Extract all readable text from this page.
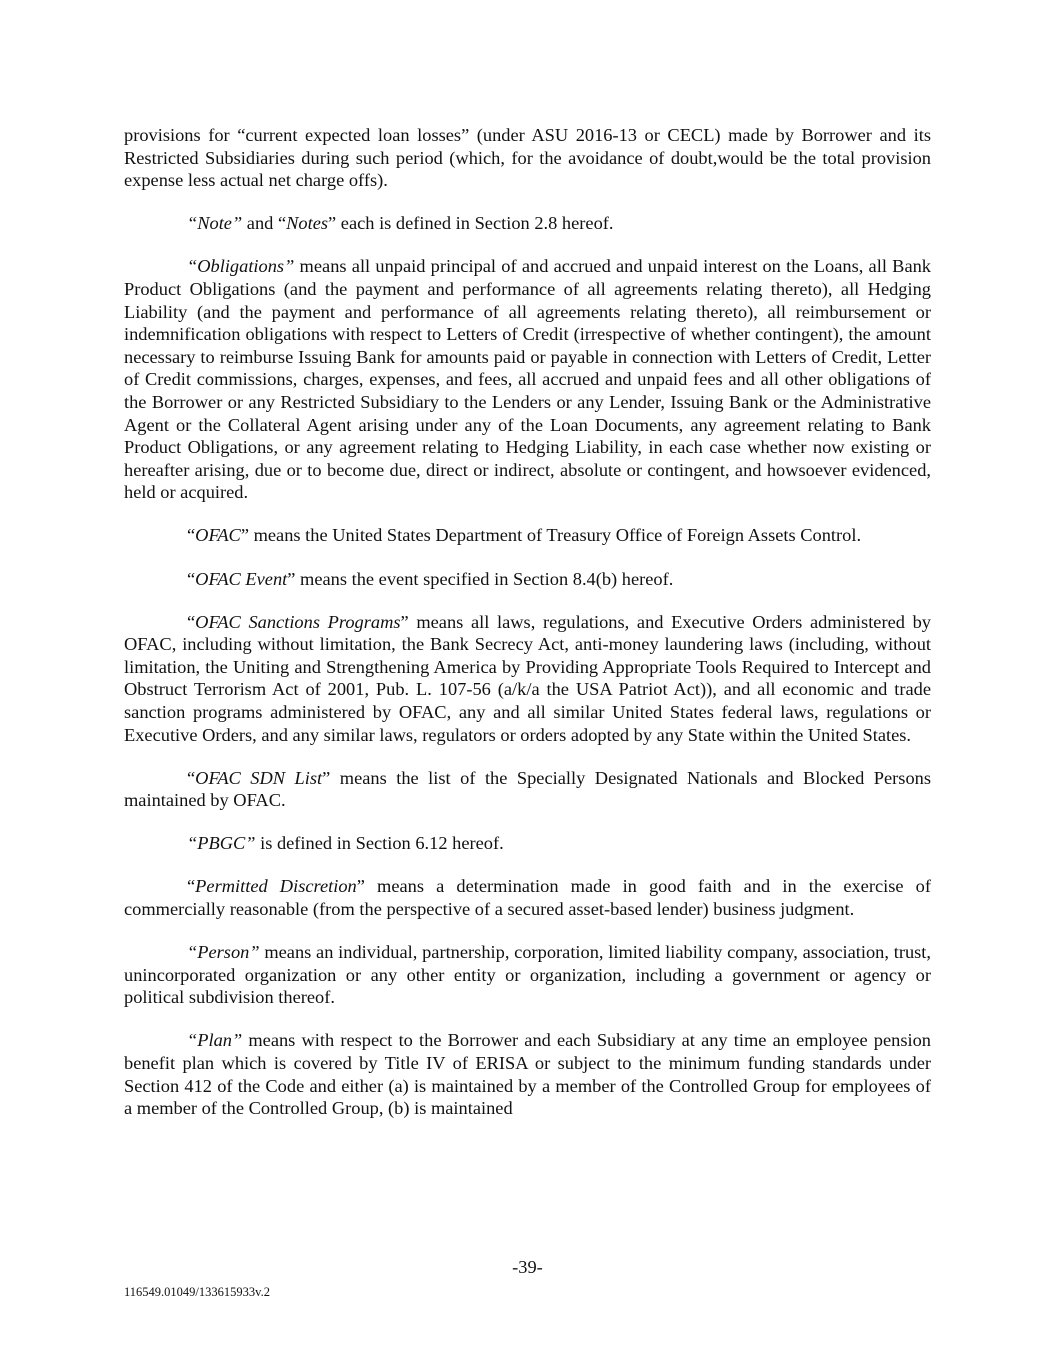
provisions for “current expected loan losses” (under ASU 2016-13 or CECL) made by Borrower and its Restricted Subsidiaries during such period (which, for the avoidance of doubt,would be the total provision expense less actual net charge offs).

“Note” and “Notes” each is defined in Section 2.8 hereof.

“Obligations” means all unpaid principal of and accrued and unpaid interest on the Loans, all Bank Product Obligations (and the payment and performance of all agreements relating thereto), all Hedging Liability (and the payment and performance of all agreements relating thereto), all reimbursement or indemnification obligations with respect to Letters of Credit (irrespective of whether contingent), the amount necessary to reimburse Issuing Bank for amounts paid or payable in connection with Letters of Credit, Letter of Credit commissions, charges, expenses, and fees, all accrued and unpaid fees and all other obligations of the Borrower or any Restricted Subsidiary to the Lenders or any Lender, Issuing Bank or the Administrative Agent or the Collateral Agent arising under any of the Loan Documents, any agreement relating to Bank Product Obligations, or any agreement relating to Hedging Liability, in each case whether now existing or hereafter arising, due or to become due, direct or indirect, absolute or contingent, and howsoever evidenced, held or acquired.

“OFAC” means the United States Department of Treasury Office of Foreign Assets Control.

“OFAC Event” means the event specified in Section 8.4(b) hereof.

“OFAC Sanctions Programs” means all laws, regulations, and Executive Orders administered by OFAC, including without limitation, the Bank Secrecy Act, anti-money laundering laws (including, without limitation, the Uniting and Strengthening America by Providing Appropriate Tools Required to Intercept and Obstruct Terrorism Act of 2001, Pub. L. 107-56 (a/k/a the USA Patriot Act)), and all economic and trade sanction programs administered by OFAC, any and all similar United States federal laws, regulations or Executive Orders, and any similar laws, regulators or orders adopted by any State within the United States.

“OFAC SDN List” means the list of the Specially Designated Nationals and Blocked Persons maintained by OFAC.

“PBGC” is defined in Section 6.12 hereof.

“Permitted Discretion” means a determination made in good faith and in the exercise of commercially reasonable (from the perspective of a secured asset-based lender) business judgment.

“Person” means an individual, partnership, corporation, limited liability company, association, trust, unincorporated organization or any other entity or organization, including a government or agency or political subdivision thereof.

“Plan” means with respect to the Borrower and each Subsidiary at any time an employee pension benefit plan which is covered by Title IV of ERISA or subject to the minimum funding standards under Section 412 of the Code and either (a) is maintained by a member of the Controlled Group for employees of a member of the Controlled Group, (b) is maintained

-39-
116549.01049/133615933v.2
